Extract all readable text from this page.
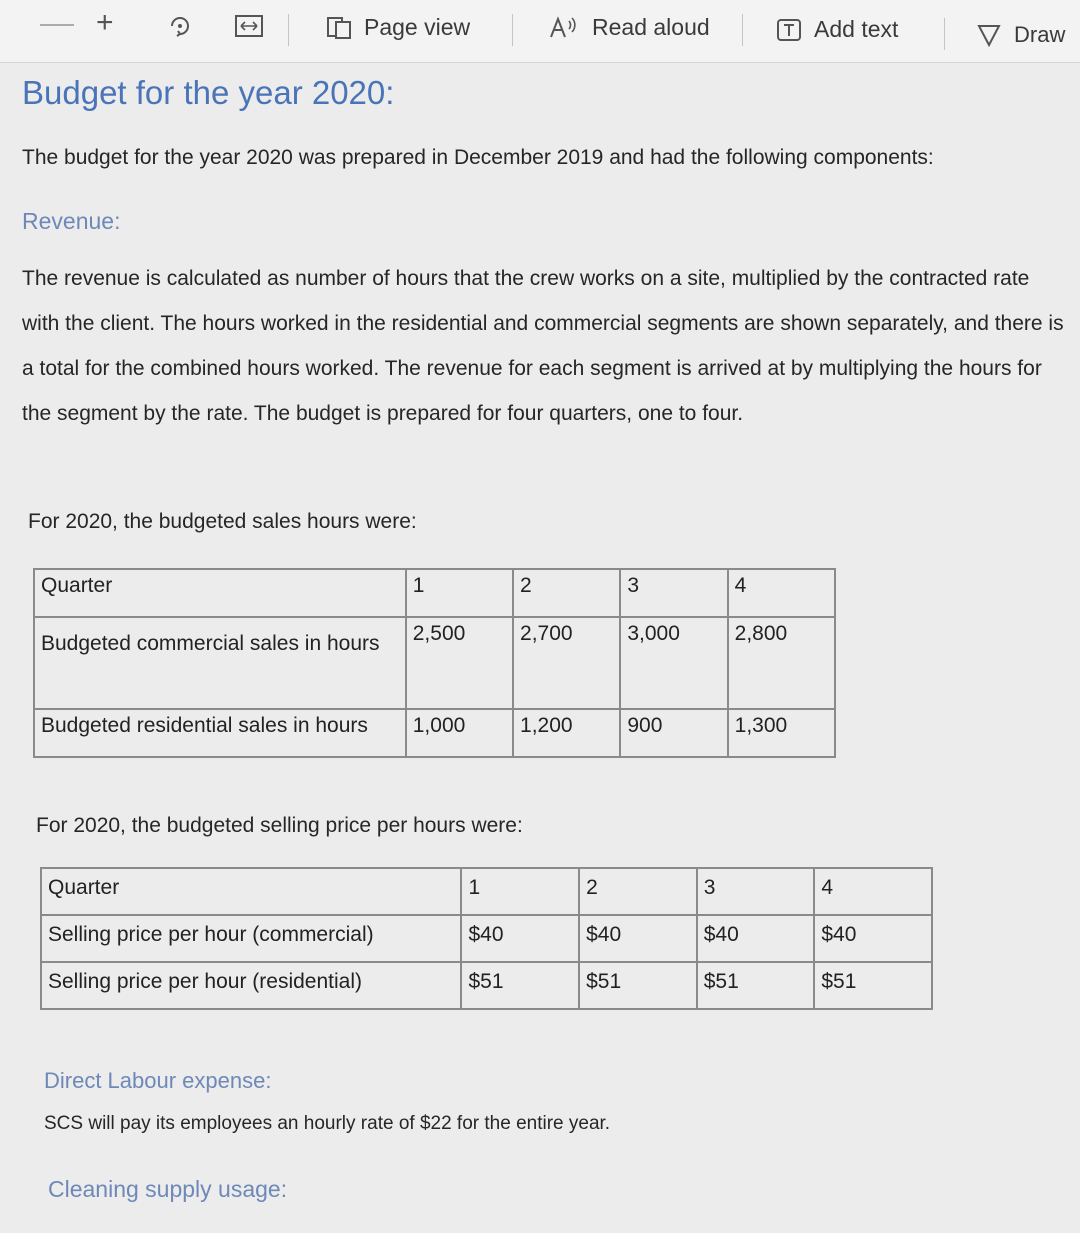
+	Page view	Read aloud	Add text	Draw
Budget for the year 2020:
The budget for the year 2020 was prepared in December 2019 and had the following components:
Revenue:
The revenue is calculated as number of hours that the crew works on a site, multiplied by the contracted rate with the client. The hours worked in the residential and commercial segments are shown separately, and there is a total for the combined hours worked. The revenue for each segment is arrived at by multiplying the hours for the segment by the rate. The budget is prepared for four quarters, one to four.
For 2020, the budgeted sales hours were:
Quarter	1	2	3	4
Budgeted commercial sales in hours	2,500	2,700	3,000	2,800
Budgeted residential sales in hours	1,000	1,200	900	1,300
For 2020, the budgeted selling price per hours were:
Quarter	1	2	3	4
Selling price per hour (commercial)	$40	$40	$40	$40
Selling price per hour (residential)	$51	$51	$51	$51
Direct Labour expense:
SCS will pay its employees an hourly rate of $22 for the entire year.
Cleaning supply usage:
